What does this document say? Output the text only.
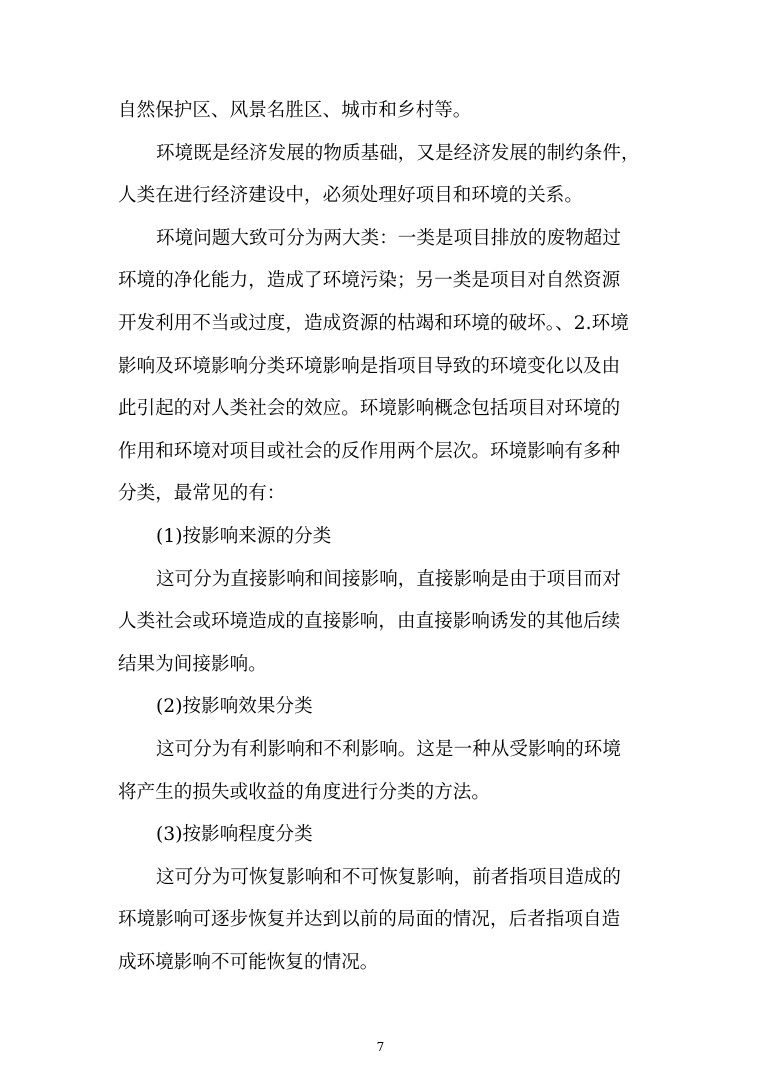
自然保护区、风景名胜区、城市和乡村等。
环境既是经济发展的物质基础，又是经济发展的制约条件，
人类在进行经济建设中，必须处理好项目和环境的关系。
环境问题大致可分为两大类：一类是项目排放的废物超过
环境的净化能力，造成了环境污染；另一类是项目对自然资源
开发利用不当或过度，造成资源的枯竭和环境的破坏。、2.环境
影响及环境影响分类环境影响是指项目导致的环境变化以及由
此引起的对人类社会的效应。环境影响概念包括项目对环境的
作用和环境对项目或社会的反作用两个层次。环境影响有多种
分类，最常见的有：
(1)按影响来源的分类
这可分为直接影响和间接影响，直接影响是由于项目而对
人类社会或环境造成的直接影响，由直接影响诱发的其他后续
结果为间接影响。
(2)按影响效果分类
这可分为有利影响和不利影响。这是一种从受影响的环境
将产生的损失或收益的角度进行分类的方法。
(3)按影响程度分类
这可分为可恢复影响和不可恢复影响，前者指项目造成的
环境影响可逐步恢复并达到以前的局面的情况，后者指项自造
成环境影响不可能恢复的情况。
7
